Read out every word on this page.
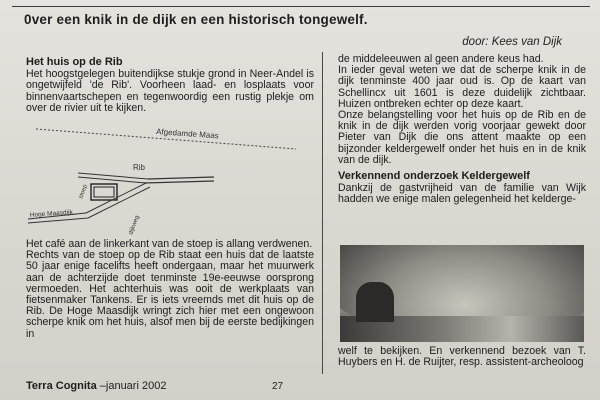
0ver een knik in de dijk en een historisch tongewelf.
door: Kees van Dijk
Het huis op de Rib

Het hoogstgelegen buitendijkse stukje grond in Neer-Andel is ongetwijfeld 'de Rib'. Voorheen laad- en losplaats voor binnenvaartschepen en tegenwoordig een rustig plekje om over de rivier uit te kijken.

Afgedamde Maas
Rib
Hoge Maasdijk
stoep
dijkweg

Het café aan de linkerkant van de stoep is allang verdwenen.

Rechts van de stoep op de Rib staat een huis dat de laatste 50 jaar enige facelifts heeft ondergaan, maar het muurwerk aan de achterzijde doet tenminste 19e-eeuwse oorsprong vermoeden. Het achterhuis was ooit de werkplaats van fietsenmaker Tankens. Er is iets vreemds met dit huis op de Rib. De Hoge Maasdijk wringt zich hier met een ongewoon scherpe knik om het huis, alsof men bij de eerste bedijkingen in

de middeleeuwen al geen andere keus had.

In ieder geval weten we dat de scherpe knik in de dijk tenminste 400 jaar oud is. Op de kaart van Schellincx uit 1601 is deze duidelijk zichtbaar. Huizen ontbreken echter op deze kaart.

Onze belangstelling voor het huis op de Rib en de knik in de dijk werden vorig voorjaar gewekt door Pieter van Dijk die ons attent maakte op een bijzonder keldergewelf onder het huis en in de knik van de dijk.

Verkennend onderzoek Keldergewelf

Dankzij de gastvrijheid van de familie van Wijk hadden we enige malen gelegenheid het kelderge-

welf te bekijken. En verkennend bezoek van T. Huybers en H. de Ruijter, resp. assistent-archeoloog

Terra Cognita –januari 2002	27
